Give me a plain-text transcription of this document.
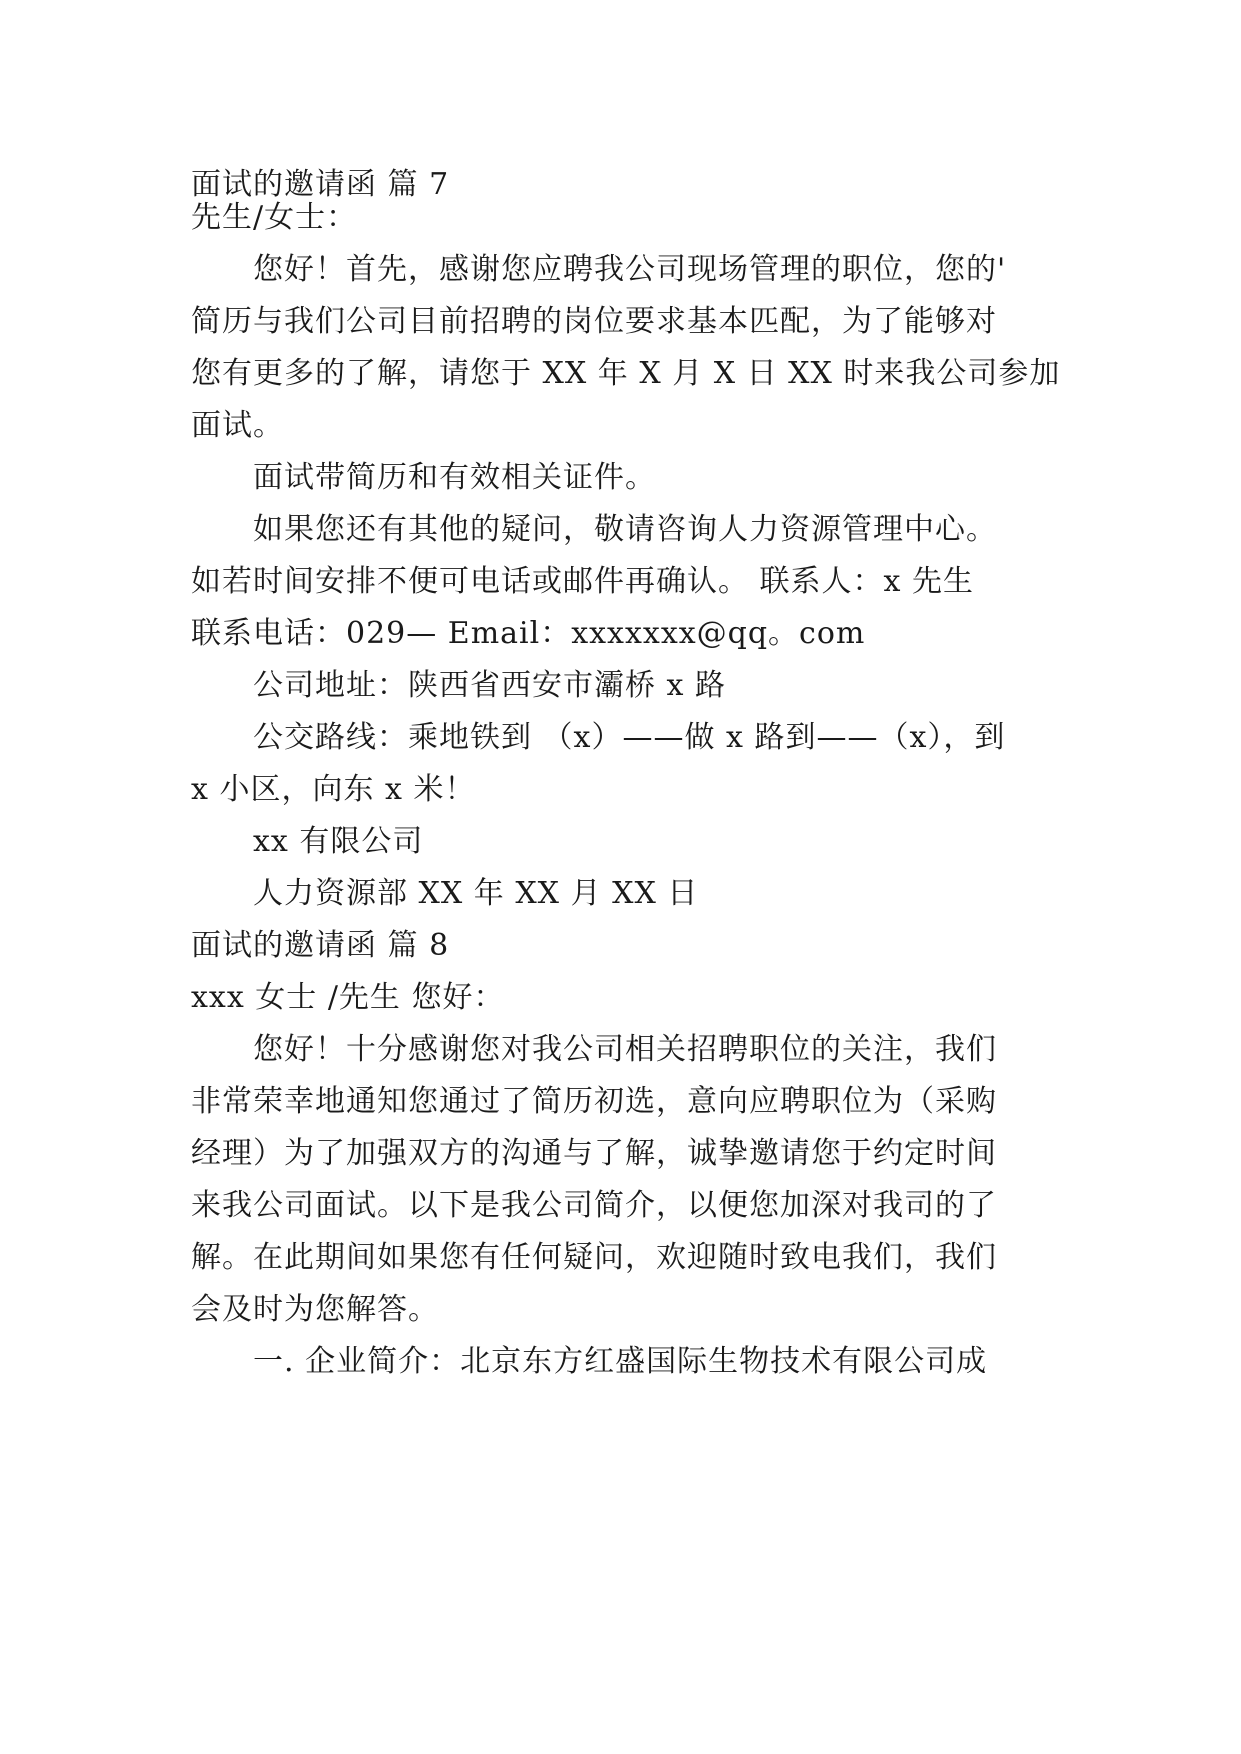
面试的邀请函 篇 7
先生/女士：
您好！首先，感谢您应聘我公司现场管理的职位，您的'
简历与我们公司目前招聘的岗位要求基本匹配，为了能够对
您有更多的了解，请您于 XX 年 X 月 X 日 XX 时来我公司参加
面试。
面试带简历和有效相关证件。
如果您还有其他的疑问，敬请咨询人力资源管理中心。
如若时间安排不便可电话或邮件再确认。 联系人：x 先生
联系电话：029— Email：xxxxxxx@qq。com
公司地址：陕西省西安市灞桥 x 路
公交路线：乘地铁到 （x）——做 x 路到——（x），到
x 小区，向东 x 米！
xx 有限公司
人力资源部 XX 年 XX 月 XX 日
面试的邀请函 篇 8
xxx 女士 /先生 您好：
您好！十分感谢您对我公司相关招聘职位的关注，我们
非常荣幸地通知您通过了简历初选，意向应聘职位为（采购
经理）为了加强双方的沟通与了解，诚挚邀请您于约定时间
来我公司面试。以下是我公司简介，以便您加深对我司的了
解。在此期间如果您有任何疑问，欢迎随时致电我们，我们
会及时为您解答。
一. 企业简介：北京东方红盛国际生物技术有限公司成
